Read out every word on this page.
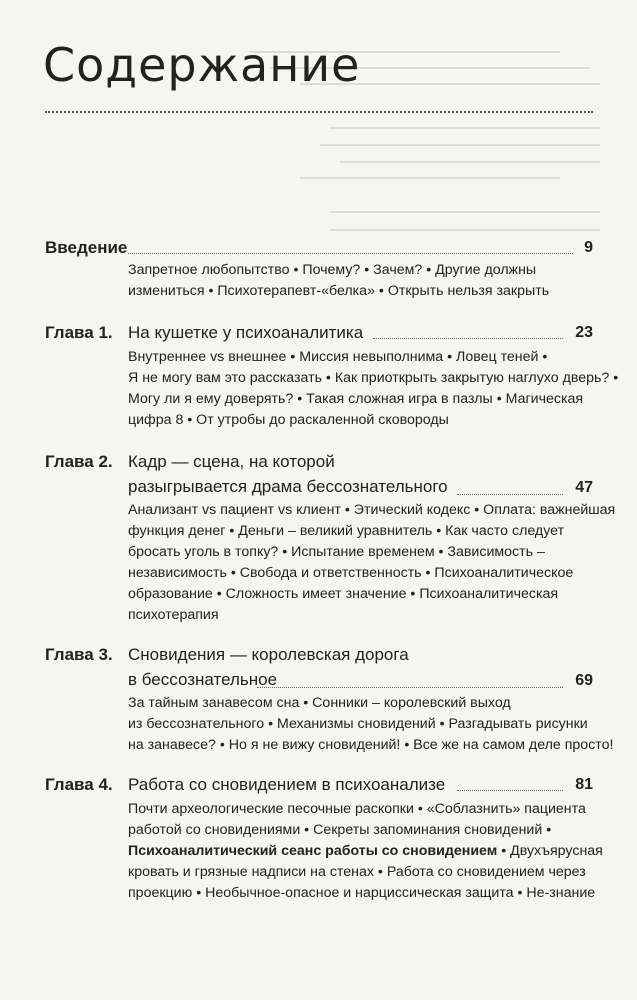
Содержание
Введение	9
Запретное любопытство • Почему? • Зачем? • Другие должны
измениться • Психотерапевт-«белка» • Открыть нельзя закрыть
Глава 1. На кушетке у психоаналитика	23
Внутреннее vs внешнее • Миссия невыполнима • Ловец теней •
Я не могу вам это рассказать • Как приоткрыть закрытую наглухо дверь? •
Могу ли я ему доверять? • Такая сложная игра в пазлы • Магическая
цифра 8 • От утробы до раскаленной сковороды
Глава 2. Кадр — сцена, на которой
разыгрывается драма бессознательного	47
Анализант vs пациент vs клиент • Этический кодекс • Оплата: важнейшая
функция денег • Деньги – великий уравнитель • Как часто следует
бросать уголь в топку? • Испытание временем • Зависимость –
независимость • Свобода и ответственность • Психоаналитическое
образование • Сложность имеет значение • Психоаналитическая
психотерапия
Глава 3. Сновидения — королевская дорога
в бессознательное	69
За тайным занавесом сна • Сонники – королевский выход
из бессознательного • Механизмы сновидений • Разгадывать рисунки
на занавесе? • Но я не вижу сновидений! • Все же на самом деле просто!
Глава 4. Работа со сновидением в психоанализе	81
Почти археологические песочные раскопки • «Соблазнить» пациента
работой со сновидениями • Секреты запоминания сновидений •
Психоаналитический сеанс работы со сновидением • Двухъярусная
кровать и грязные надписи на стенах • Работа со сновидением через
проекцию • Необычное-опасное и нарциссическая защита • Не-знание
